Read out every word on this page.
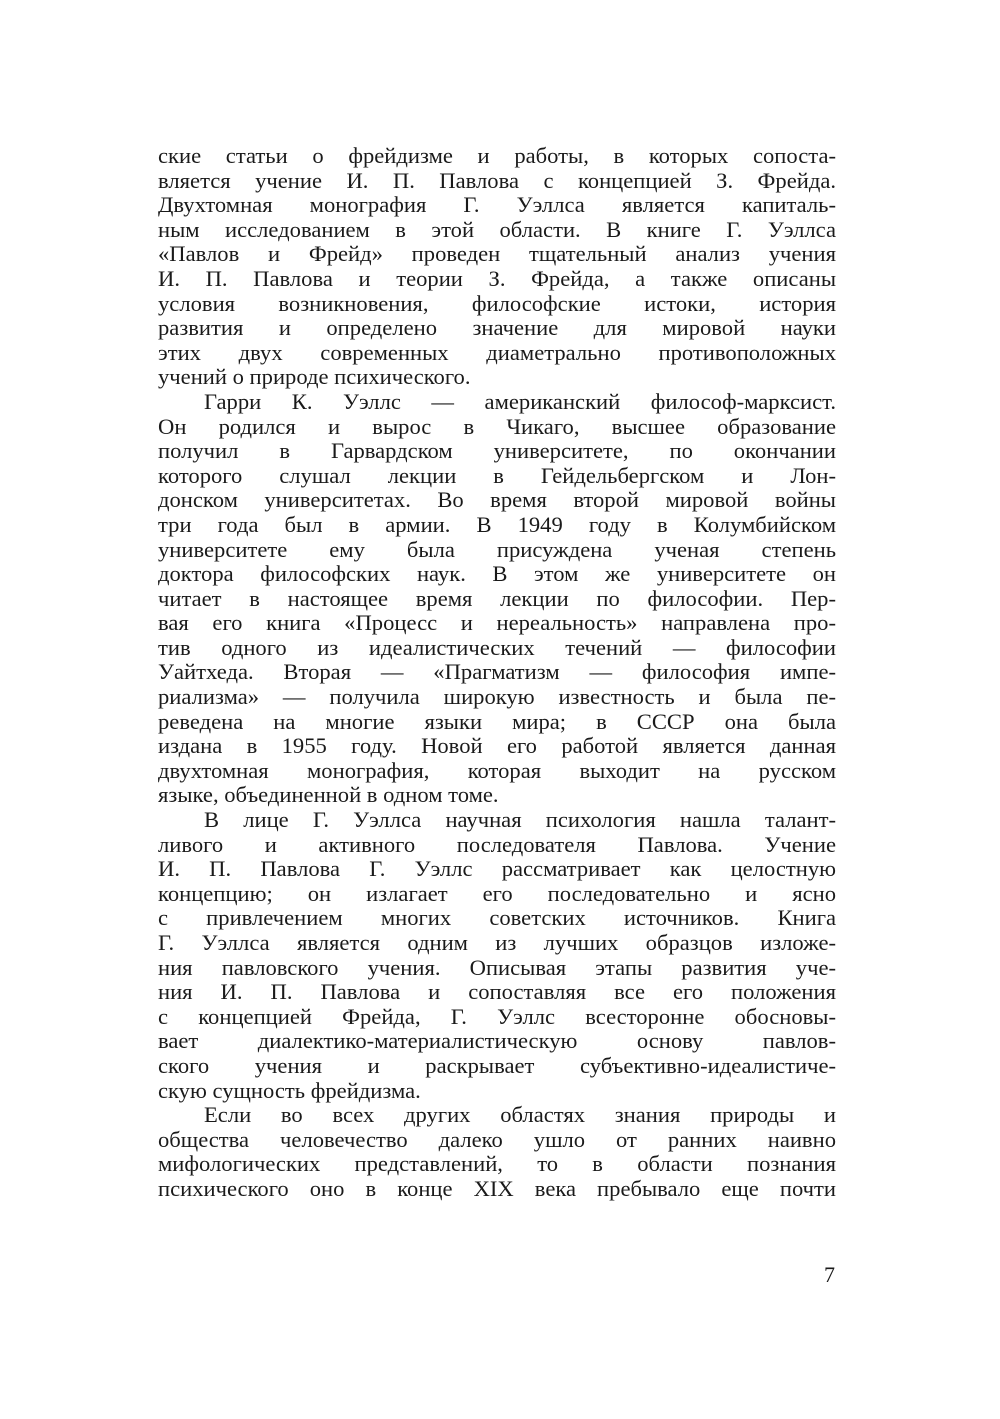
ские статьи о фрейдизме и работы, в которых сопоста-
вляется учение И. П. Павлова с концепцией З. Фрейда.
Двухтомная монография Г. Уэллса является капиталь-
ным исследованием в этой области. В книге Г. Уэллса
«Павлов и Фрейд» проведен тщательный анализ учения
И. П. Павлова и теории З. Фрейда, а также описаны
условия возникновения, философские истоки, история
развития и определено значение для мировой науки
этих двух современных диаметрально противоположных
учений о природе психического.
Гарри К. Уэллс — американский философ-марксист.
Он родился и вырос в Чикаго, высшее образование
получил в Гарвардском университете, по окончании
которого слушал лекции в Гейдельбергском и Лон-
донском университетах. Во время второй мировой войны
три года был в армии. В 1949 году в Колумбийском
университете ему была присуждена ученая степень
доктора философских наук. В этом же университете он
читает в настоящее время лекции по философии. Пер-
вая его книга «Процесс и нереальность» направлена про-
тив одного из идеалистических течений — философии
Уайтхеда. Вторая — «Прагматизм — философия импе-
риализма» — получила широкую известность и была пе-
реведена на многие языки мира; в СССР она была
издана в 1955 году. Новой его работой является данная
двухтомная монография, которая выходит на русском
языке, объединенной в одном томе.
В лице Г. Уэллса научная психология нашла талант-
ливого и активного последователя Павлова. Учение
И. П. Павлова Г. Уэллс рассматривает как целостную
концепцию; он излагает его последовательно и ясно
с привлечением многих советских источников. Книга
Г. Уэллса является одним из лучших образцов изложе-
ния павловского учения. Описывая этапы развития уче-
ния И. П. Павлова и сопоставляя все его положения
с концепцией Фрейда, Г. Уэллс всесторонне обосновы-
вает диалектико-материалистическую основу павлов-
ского учения и раскрывает субъективно-идеалистиче-
скую сущность фрейдизма.
Если во всех других областях знания природы и
общества человечество далеко ушло от ранних наивно
мифологических представлений, то в области познания
психического оно в конце XIX века пребывало еще почти
7
